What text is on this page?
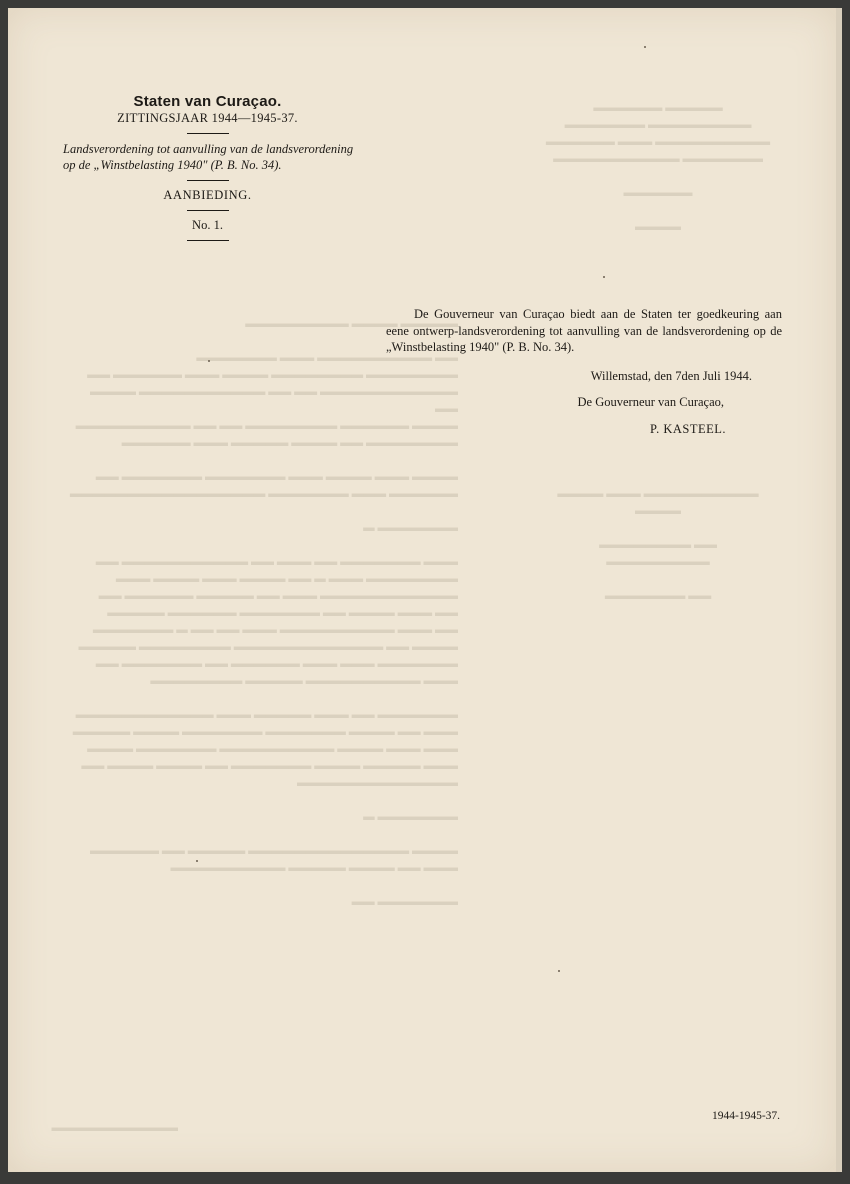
▬▬▬▬▬ ▬▬▬▬▬▬
▬▬▬▬▬▬▬▬▬ ▬▬▬▬▬▬▬
▬▬▬▬▬▬▬▬▬▬ ▬▬▬ ▬▬▬▬▬▬
▬▬▬▬▬▬▬ ▬▬▬▬▬▬▬▬▬▬▬

▬▬▬▬▬▬

▬▬▬▬
▬▬▬▬▬ ▬▬▬▬ ▬▬▬▬▬▬▬▬▬

▬▬ ▬▬▬▬▬▬▬▬▬▬ ▬▬▬ ▬▬▬▬▬▬▬
▬▬▬▬▬▬▬▬ ▬▬▬▬▬▬▬▬ ▬▬▬▬ ▬▬▬ ▬▬▬▬▬▬ ▬▬
▬▬▬▬▬▬▬▬▬▬▬▬ ▬▬ ▬▬ ▬▬▬▬▬▬▬▬▬▬▬ ▬▬▬▬ ▬▬
▬▬▬▬ ▬▬▬▬▬▬ ▬▬▬▬▬▬▬▬ ▬▬ ▬▬ ▬▬▬▬▬▬▬▬▬▬
▬▬▬▬▬▬▬▬ ▬▬ ▬▬▬▬ ▬▬▬▬▬ ▬▬▬ ▬▬▬▬▬▬

▬▬▬▬ ▬▬▬ ▬▬▬▬ ▬▬▬ ▬▬▬▬▬▬▬ ▬▬▬▬▬▬▬ ▬▬
▬▬▬▬▬▬ ▬▬▬ ▬▬▬▬▬▬▬ ▬▬▬▬▬▬▬▬▬▬▬▬▬▬▬▬▬

▬▬▬▬▬▬▬ ▬

▬▬▬ ▬▬▬▬▬▬▬ ▬▬ ▬▬▬ ▬▬ ▬▬▬▬▬▬▬▬▬▬▬ ▬▬
▬▬▬▬▬▬▬▬ ▬▬▬ ▬ ▬▬ ▬▬▬▬ ▬▬▬ ▬▬▬▬ ▬▬▬
▬▬▬▬▬▬▬▬▬▬▬▬ ▬▬▬ ▬▬ ▬▬▬▬▬ ▬▬▬▬▬▬ ▬▬
▬▬ ▬▬▬ ▬▬▬▬ ▬▬ ▬▬▬▬▬▬▬ ▬▬▬▬▬▬ ▬▬▬▬▬
▬▬ ▬▬▬ ▬▬▬▬▬▬▬▬▬▬ ▬▬▬ ▬▬ ▬▬ ▬ ▬▬▬▬▬▬▬
▬▬▬▬ ▬▬ ▬▬▬▬▬▬▬▬▬▬▬▬▬ ▬▬▬▬▬▬▬▬ ▬▬▬▬▬
▬▬▬▬▬▬▬ ▬▬▬ ▬▬▬ ▬▬▬▬▬▬ ▬▬ ▬▬▬▬▬▬▬ ▬▬
▬▬▬ ▬▬▬▬▬▬▬▬▬▬ ▬▬▬▬▬ ▬▬▬▬▬▬▬▬

▬▬▬▬▬▬▬ ▬▬ ▬▬▬ ▬▬▬▬▬ ▬▬▬ ▬▬▬▬▬▬▬▬▬▬▬▬
▬▬▬ ▬▬ ▬▬▬▬ ▬▬▬▬▬▬▬ ▬▬▬▬▬▬▬ ▬▬▬▬ ▬▬▬▬▬
▬▬▬ ▬▬▬ ▬▬▬▬ ▬▬▬▬▬▬▬▬▬▬ ▬▬▬▬▬▬▬ ▬▬▬▬
▬▬▬ ▬▬▬▬▬ ▬▬▬▬ ▬▬▬▬▬▬▬ ▬▬ ▬▬▬▬ ▬▬▬▬ ▬▬
▬▬▬▬▬▬▬▬▬▬▬▬▬▬

▬▬▬▬▬▬▬ ▬

▬▬▬▬ ▬▬▬▬▬▬▬▬▬▬▬▬▬▬ ▬▬▬▬▬ ▬▬ ▬▬▬▬▬▬
▬▬▬ ▬▬ ▬▬▬▬ ▬▬▬▬▬ ▬▬▬▬▬▬▬▬▬▬

▬▬▬▬▬▬▬ ▬▬
▬▬▬▬▬▬▬▬▬▬ ▬▬▬ ▬▬▬▬ ▬▬▬▬

▬▬ ▬▬▬▬▬▬▬▬ ▬▬▬▬▬▬▬▬▬

▬▬ ▬▬▬▬▬▬▬
▬▬▬▬▬▬▬▬▬▬▬
Staten van Curaçao.
ZITTINGSJAAR 1944—1945-37.
Landsverordening tot aanvulling van de landsverordening op de „Winstbelasting 1940" (P. B. No. 34).
AANBIEDING.
No. 1.

De Gouverneur van Curaçao biedt aan de Staten ter goedkeuring aan eene ontwerp-landsverordening tot aanvulling van de landsverordening op de „Winstbelasting 1940" (P. B. No. 34).

Willemstad, den 7den Juli 1944.
De Gouverneur van Curaçao,
P. KASTEEL.
1944-1945-37.
